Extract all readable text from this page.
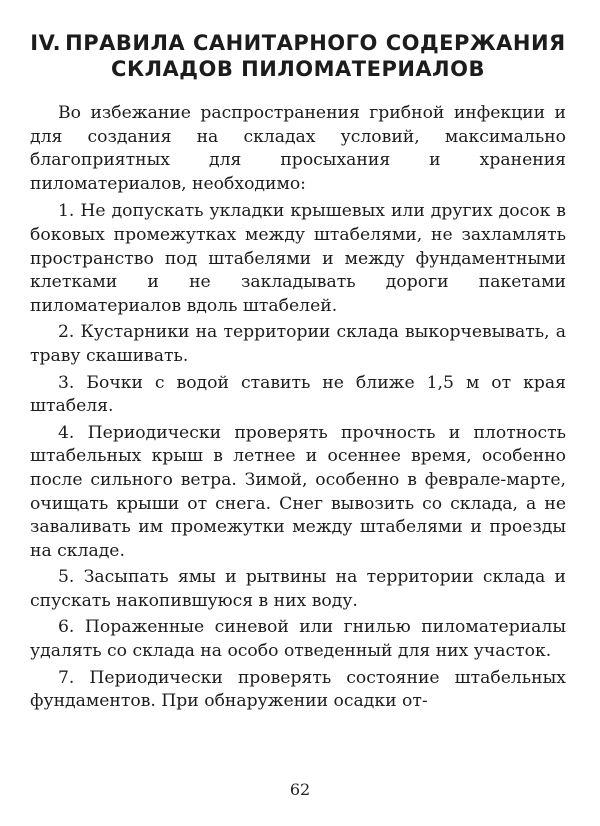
IV. ПРАВИЛА САНИТАРНОГО СОДЕРЖАНИЯ
СКЛАДОВ ПИЛОМАТЕРИАЛОВ

Во избежание распространения грибной инфекции и для создания на складах условий, максимально благоприятных для просыхания и хранения пиломатериалов, необходимо:

1. Не допускать укладки крышевых или других досок в боковых промежутках между штабелями, не захламлять пространство под штабелями и между фундаментными клетками и не закладывать дороги пакетами пиломатериалов вдоль штабелей.

2. Кустарники на территории склада выкорчевывать, а траву скашивать.

3. Бочки с водой ставить не ближе 1,5 м от края штабеля.

4. Периодически проверять прочность и плотность штабельных крыш в летнее и осеннее время, особенно после сильного ветра. Зимой, особенно в феврале-марте, очищать крыши от снега. Снег вывозить со склада, а не заваливать им промежутки между штабелями и проезды на складе.

5. Засыпать ямы и рытвины на территории склада и спускать накопившуюся в них воду.

6. Пораженные синевой или гнилью пиломатериалы удалять со склада на особо отведенный для них участок.

7. Периодически проверять состояние штабельных фундаментов. При обнаружении осадки от-

62
